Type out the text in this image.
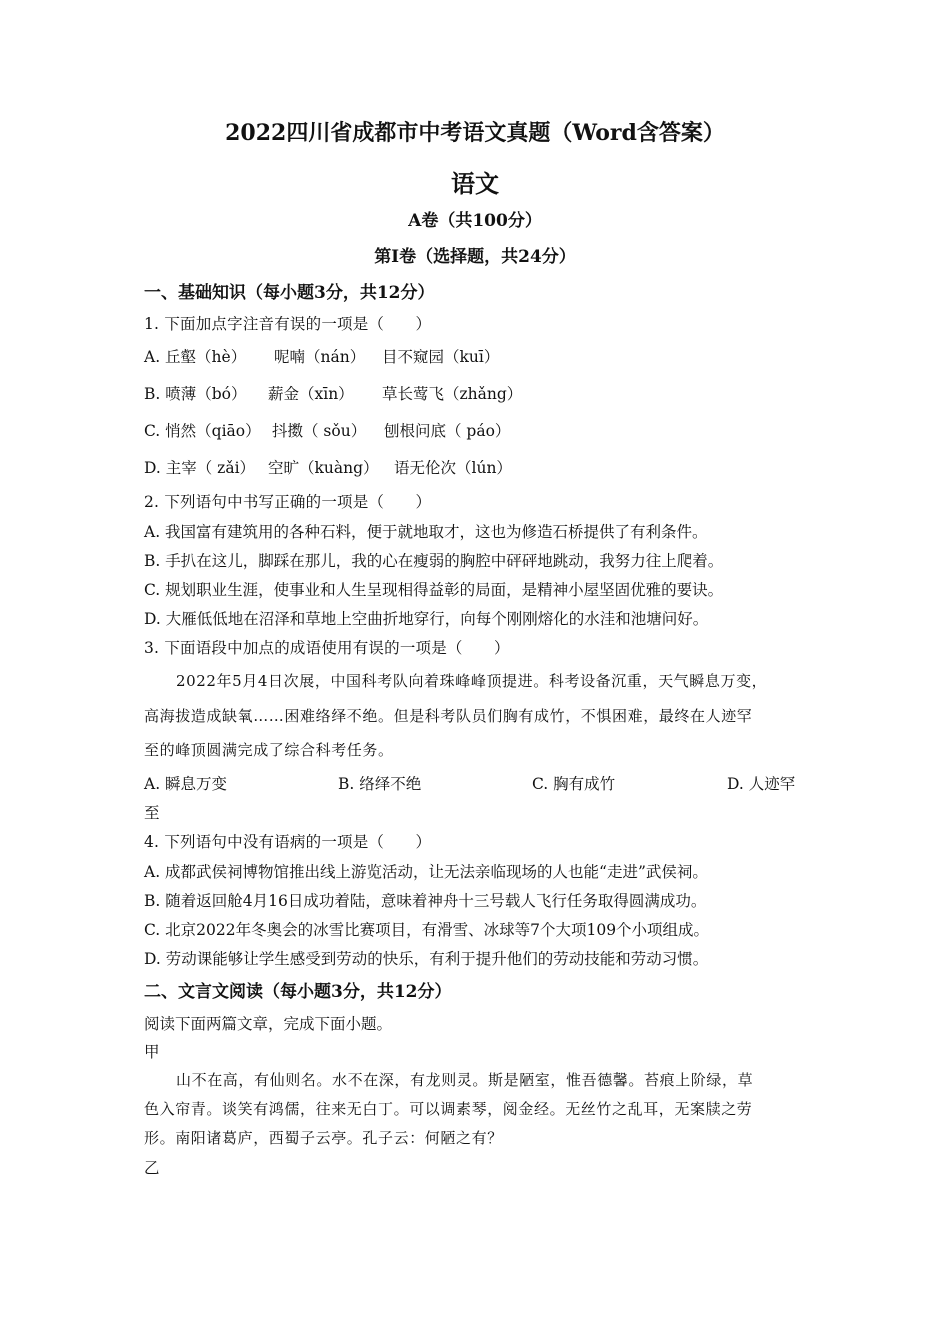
2022四川省成都市中考语文真题（Word含答案）
语文
A卷（共100分）
第Ⅰ卷（选择题，共24分）
一、基础知识（每小题3分，共12分）
1. 下面加点字注音有误的一项是（　　）
A. 丘壑（hè） 呢喃（nán） 目不窥园（kuī）
B. 喷薄（bó） 薪金（xīn） 草长莺飞（zhǎng）
C. 悄然（qiāo） 抖擞（ sǒu） 刨根问底（ páo）
D. 主宰（ zǎi） 空旷（kuàng） 语无伦次（lún）
2. 下列语句中书写正确的一项是（　　）
A. 我国富有建筑用的各种石料，便于就地取才，这也为修造石桥提供了有利条件。
B. 手扒在这儿，脚踩在那儿，我的心在瘦弱的胸腔中砰砰地跳动，我努力往上爬着。
C. 规划职业生涯，使事业和人生呈现相得益彰的局面，是精神小屋坚固优雅的要诀。
D. 大雁低低地在沼泽和草地上空曲折地穿行，向每个刚刚熔化的水洼和池塘问好。
3. 下面语段中加点的成语使用有误的一项是（　　）
2022年5月4日次展，中国科考队向着珠峰峰顶提进。科考设备沉重，天气瞬息万变，
高海拔造成缺氧……困难络绎不绝。但是科考队员们胸有成竹，不惧困难，最终在人迹罕
至的峰顶圆满完成了综合科考任务。
A. 瞬息万变	B. 络绎不绝	C. 胸有成竹	D. 人迹罕
至
4. 下列语句中没有语病的一项是（　　）
A. 成都武侯祠博物馆推出线上游览活动，让无法亲临现场的人也能“走进”武侯祠。
B. 随着返回舱4月16日成功着陆，意味着神舟十三号载人飞行任务取得圆满成功。
C. 北京2022年冬奥会的冰雪比赛项目，有滑雪、冰球等7个大项109个小项组成。
D. 劳动课能够让学生感受到劳动的快乐，有利于提升他们的劳动技能和劳动习惯。
二、文言文阅读（每小题3分，共12分）
阅读下面两篇文章，完成下面小题。
甲
山不在高，有仙则名。水不在深，有龙则灵。斯是陋室，惟吾德馨。苔痕上阶绿，草
色入帘青。谈笑有鸿儒，往来无白丁。可以调素琴，阅金经。无丝竹之乱耳，无案牍之劳
形。南阳诸葛庐，西蜀子云亭。孔子云：何陋之有？
乙
